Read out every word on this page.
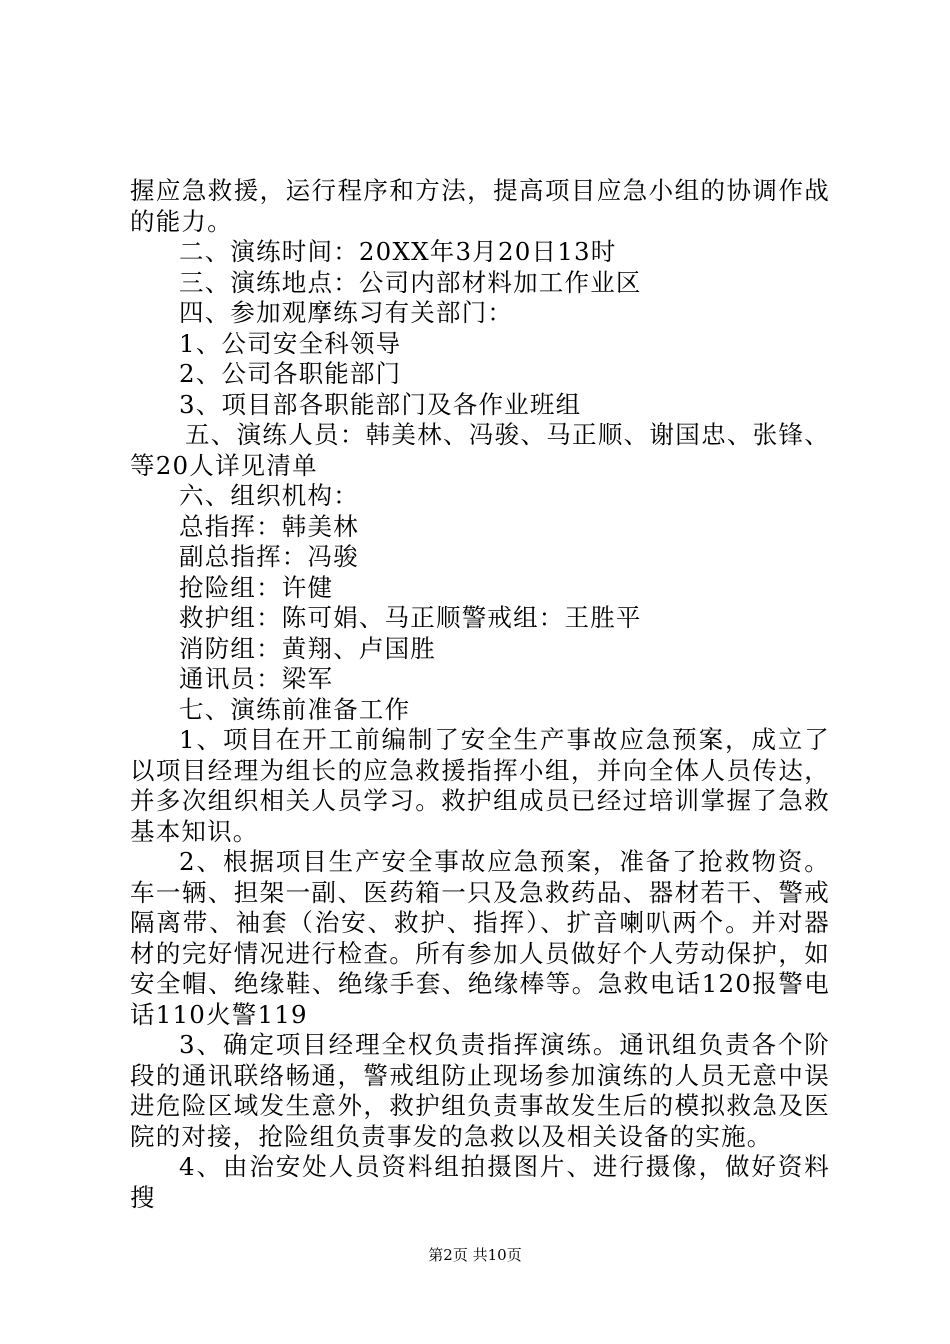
握应急救援，运行程序和方法，提高项目应急小组的协调作战的能力。

二、演练时间：20XX年3月20日13时

三、演练地点：公司内部材料加工作业区

四、参加观摩练习有关部门：

1、公司安全科领导

2、公司各职能部门

3、项目部各职能部门及各作业班组

五、演练人员：韩美林、冯骏、马正顺、谢国忠、张锋、等20人详见清单

六、组织机构：

总指挥：韩美林

副总指挥：冯骏

抢险组：许健

救护组：陈可娟、马正顺警戒组：王胜平

消防组：黄翔、卢国胜

通讯员：梁军

七、演练前准备工作

1、项目在开工前编制了安全生产事故应急预案，成立了以项目经理为组长的应急救援指挥小组，并向全体人员传达，并多次组织相关人员学习。救护组成员已经过培训掌握了急救基本知识。

2、根据项目生产安全事故应急预案，准备了抢救物资。车一辆、担架一副、医药箱一只及急救药品、器材若干、警戒隔离带、袖套（治安、救护、指挥）、扩音喇叭两个。并对器材的完好情况进行检查。所有参加人员做好个人劳动保护，如安全帽、绝缘鞋、绝缘手套、绝缘棒等。急救电话120报警电话110火警119

3、确定项目经理全权负责指挥演练。通讯组负责各个阶段的通讯联络畅通，警戒组防止现场参加演练的人员无意中误进危险区域发生意外，救护组负责事故发生后的模拟救急及医院的对接，抢险组负责事发的急救以及相关设备的实施。

4、由治安处人员资料组拍摄图片、进行摄像，做好资料搜

第2页 共10页
